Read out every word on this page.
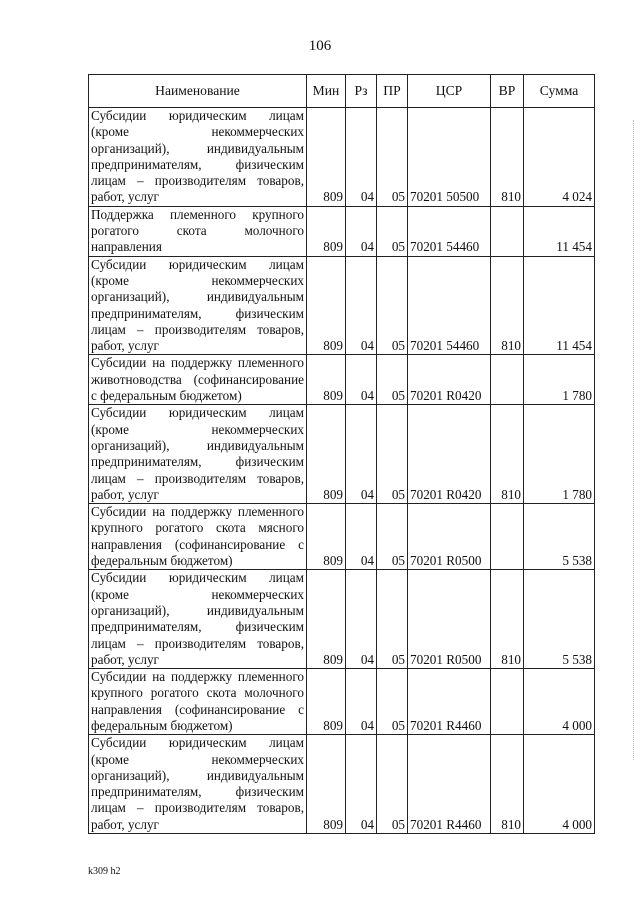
106
Наименование	Мин	Рз	ПР	ЦСР	ВР	Сумма
Субсидии юридическим лицам (кроме некоммерческих организаций), индивидуальным предпринимателям, физическим лицам – производителям товаров, работ, услуг	809	04	05	70201 50500	810	4 024
Поддержка племенного крупного рогатого скота молочного направления	809	04	05	70201 54460		11 454
Субсидии юридическим лицам (кроме некоммерческих организаций), индивидуальным предпринимателям, физическим лицам – производителям товаров, работ, услуг	809	04	05	70201 54460	810	11 454
Субсидии на поддержку племенного животноводства (софинансирование с федеральным бюджетом)	809	04	05	70201 R0420		1 780
Субсидии юридическим лицам (кроме некоммерческих организаций), индивидуальным предпринимателям, физическим лицам – производителям товаров, работ, услуг	809	04	05	70201 R0420	810	1 780
Субсидии на поддержку племенного крупного рогатого скота мясного направления (софинансирование с федеральным бюджетом)	809	04	05	70201 R0500		5 538
Субсидии юридическим лицам (кроме некоммерческих организаций), индивидуальным предпринимателям, физическим лицам – производителям товаров, работ, услуг	809	04	05	70201 R0500	810	5 538
Субсидии на поддержку племенного крупного рогатого скота молочного направления (софинансирование с федеральным бюджетом)	809	04	05	70201 R4460		4 000
Субсидии юридическим лицам (кроме некоммерческих организаций), индивидуальным предпринимателям, физическим лицам – производителям товаров, работ, услуг	809	04	05	70201 R4460	810	4 000
k309 h2
